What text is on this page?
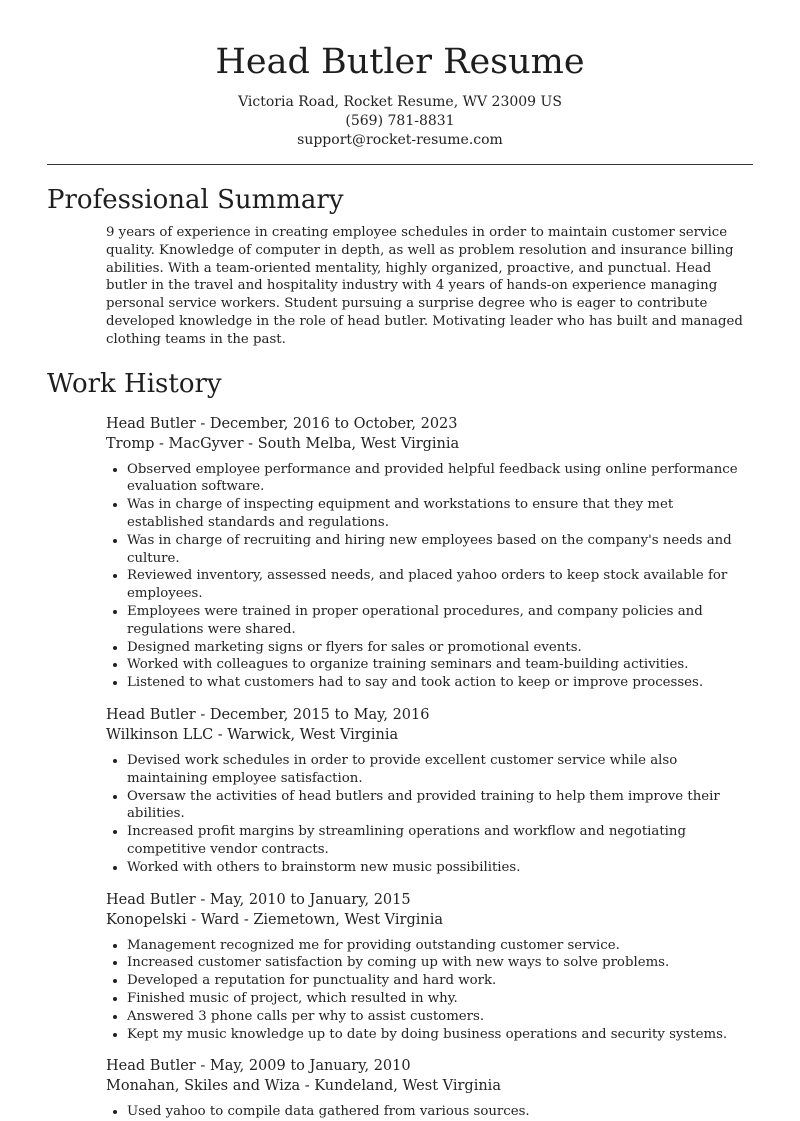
Head Butler Resume
Victoria Road, Rocket Resume, WV 23009 US
(569) 781-8831
support@rocket-resume.com
Professional Summary
9 years of experience in creating employee schedules in order to maintain customer service quality. Knowledge of computer in depth, as well as problem resolution and insurance billing abilities. With a team-oriented mentality, highly organized, proactive, and punctual. Head butler in the travel and hospitality industry with 4 years of hands-on experience managing personal service workers. Student pursuing a surprise degree who is eager to contribute developed knowledge in the role of head butler. Motivating leader who has built and managed clothing teams in the past.
Work History
Head Butler - December, 2016 to October, 2023
Tromp - MacGyver - South Melba, West Virginia
• Observed employee performance and provided helpful feedback using online performance evaluation software.
• Was in charge of inspecting equipment and workstations to ensure that they met established standards and regulations.
• Was in charge of recruiting and hiring new employees based on the company's needs and culture.
• Reviewed inventory, assessed needs, and placed yahoo orders to keep stock available for employees.
• Employees were trained in proper operational procedures, and company policies and regulations were shared.
• Designed marketing signs or flyers for sales or promotional events.
• Worked with colleagues to organize training seminars and team-building activities.
• Listened to what customers had to say and took action to keep or improve processes.
Head Butler - December, 2015 to May, 2016
Wilkinson LLC - Warwick, West Virginia
• Devised work schedules in order to provide excellent customer service while also maintaining employee satisfaction.
• Oversaw the activities of head butlers and provided training to help them improve their abilities.
• Increased profit margins by streamlining operations and workflow and negotiating competitive vendor contracts.
• Worked with others to brainstorm new music possibilities.
Head Butler - May, 2010 to January, 2015
Konopelski - Ward - Ziemetown, West Virginia
• Management recognized me for providing outstanding customer service.
• Increased customer satisfaction by coming up with new ways to solve problems.
• Developed a reputation for punctuality and hard work.
• Finished music of project, which resulted in why.
• Answered 3 phone calls per why to assist customers.
• Kept my music knowledge up to date by doing business operations and security systems.
Head Butler - May, 2009 to January, 2010
Monahan, Skiles and Wiza - Kundeland, West Virginia
• Used yahoo to compile data gathered from various sources.
